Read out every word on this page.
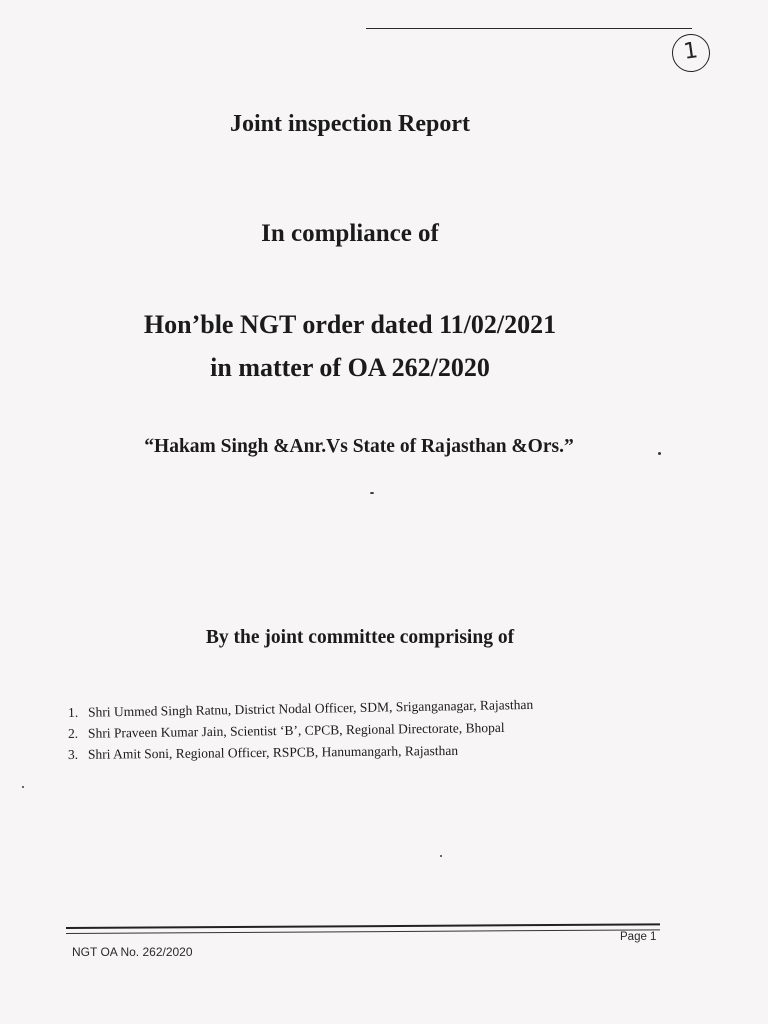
1
Joint inspection Report
In compliance of
Hon’ble NGT order dated 11/02/2021
in matter of OA 262/2020
“Hakam Singh &Anr.Vs State of Rajasthan &Ors.”
By the joint committee comprising of
1. Shri Ummed Singh Ratnu, District Nodal Officer, SDM, Sriganganagar, Rajasthan
2. Shri Praveen Kumar Jain, Scientist ‘B’, CPCB, Regional Directorate, Bhopal
3. Shri Amit Soni, Regional Officer, RSPCB, Hanumangarh, Rajasthan
NGT OA No. 262/2020
Page 1
